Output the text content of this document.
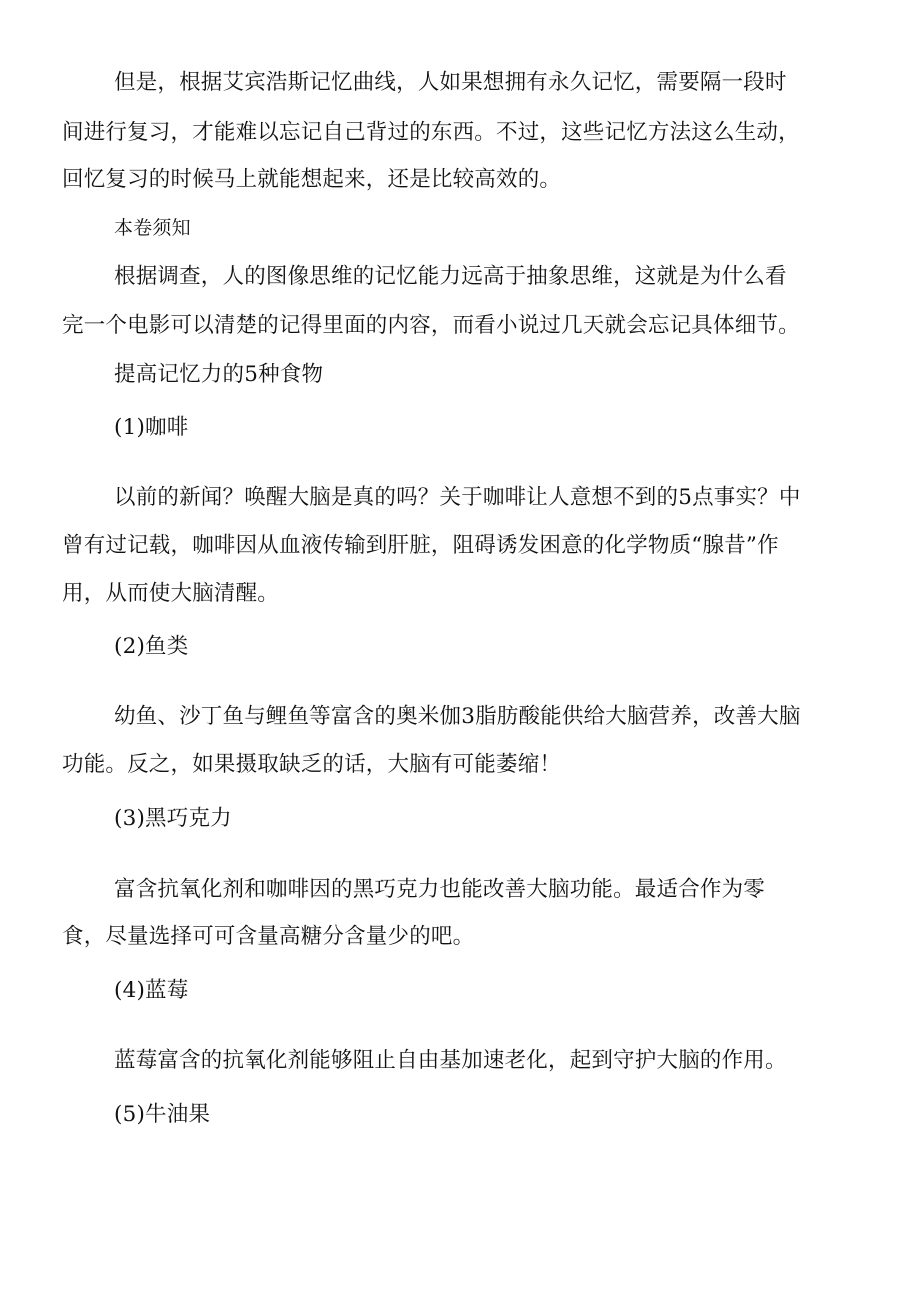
但是，根据艾宾浩斯记忆曲线，人如果想拥有永久记忆，需要隔一段时

间进行复习，才能难以忘记自己背过的东西。不过，这些记忆方法这么生动，

回忆复习的时候马上就能想起来，还是比较高效的。

本卷须知

根据调查，人的图像思维的记忆能力远高于抽象思维，这就是为什么看

完一个电影可以清楚的记得里面的内容，而看小说过几天就会忘记具体细节。

提高记忆力的5种食物

(1)咖啡

以前的新闻？唤醒大脑是真的吗？关于咖啡让人意想不到的5点事实？中

曾有过记载，咖啡因从血液传输到肝脏，阻碍诱发困意的化学物质“腺昔”作

用，从而使大脑清醒。

(2)鱼类

幼鱼、沙丁鱼与鲤鱼等富含的奥米伽3脂肪酸能供给大脑营养，改善大脑

功能。反之，如果摄取缺乏的话，大脑有可能萎缩！

(3)黑巧克力

富含抗氧化剂和咖啡因的黑巧克力也能改善大脑功能。最适合作为零

食，尽量选择可可含量高糖分含量少的吧。

(4)蓝莓

蓝莓富含的抗氧化剂能够阻止自由基加速老化，起到守护大脑的作用。

(5)牛油果
